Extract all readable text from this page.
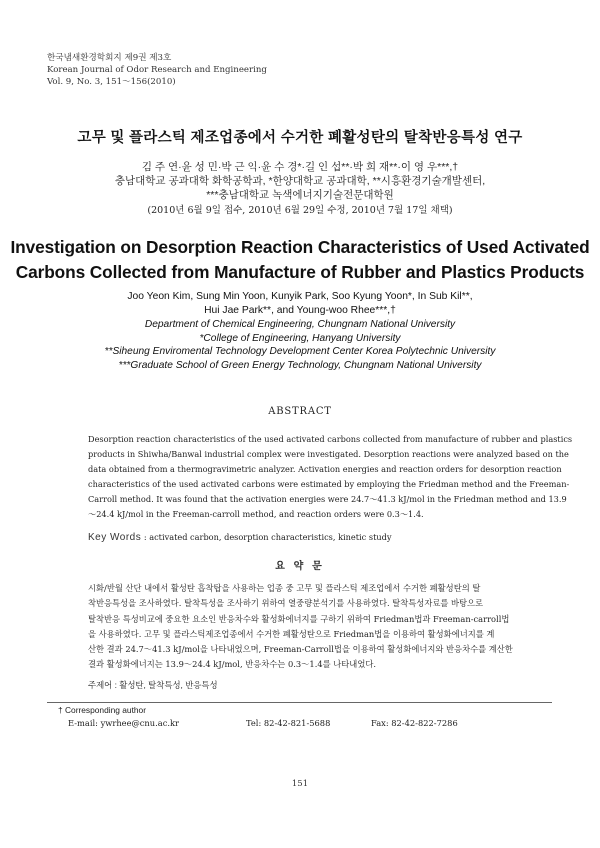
한국냄새환경학회지 제9권 제3호
Korean Journal of Odor Research and Engineering
Vol. 9, No. 3, 151～156(2010)
고무 및 플라스틱 제조업종에서 수거한 폐활성탄의 탈착반응특성 연구
김 주 연·윤 성 민·박 근 익·윤 수 경*·길 인 섭**·박 희 재**·이 영 우***,†
충남대학교 공과대학 화학공학과, *한양대학교 공과대학, **시흥환경기술개발센터,
***충남대학교 녹색에너지기술전문대학원
(2010년 6월 9일 접수, 2010년 6월 29일 수정, 2010년 7월 17일 채택)
Investigation on Desorption Reaction Characteristics of Used Activated
Carbons Collected from Manufacture of Rubber and Plastics Products
Joo Yeon Kim, Sung Min Yoon, Kunyik Park, Soo Kyung Yoon*, In Sub Kil**,
Hui Jae Park**, and Young-woo Rhee***,†
Department of Chemical Engineering, Chungnam National University
*College of Engineering, Hanyang University
**Siheung Enviromental Technology Development Center Korea Polytechnic University
***Graduate School of Green Energy Technology, Chungnam National University
ABSTRACT
Desorption reaction characteristics of the used activated carbons collected from manufacture of rubber and plastics
products in Shiwha/Banwal industrial complex were investigated. Desorption reactions were analyzed based on the
data obtained from a thermogravimetric analyzer. Activation energies and reaction orders for desorption reaction
characteristics of the used activated carbons were estimated by employing the Friedman method and the Freeman-
Carroll method. It was found that the activation energies were 24.7～41.3 kJ/mol in the Friedman method and 13.9
～24.4 kJ/mol in the Freeman-carroll method, and reaction orders were 0.3～1.4.
Key Words : activated carbon, desorption characteristics, kinetic study
요 약 문
시화/반월 산단 내에서 활성탄 흡착탑을 사용하는 업종 중 고무 및 플라스틱 제조업에서 수거한 폐활성탄의 탈
착반응특성을 조사하였다. 탈착특성을 조사하기 위하여 열중량분석기를 사용하였다. 탈착특성자료를 바탕으로
탈착반응 특성비교에 중요한 요소인 반응차수와 활성화에너지를 구하기 위하여 Friedman법과 Freeman-carroll법
을 사용하였다. 고무 및 플라스틱제조업종에서 수거한 폐활성탄으로 Friedman법을 이용하여 활성화에너지를 계
산한 결과 24.7～41.3 kJ/mol을 나타내었으며, Freeman-Carroll법을 이용하여 활성화에너지와 반응차수를 계산한
결과 활성화에너지는 13.9～24.4 kJ/mol, 반응차수는 0.3～1.4를 나타내었다.
주제어 : 활성탄, 탈착특성, 반응특성
† Corresponding author
E-mail: ywrhee@cnu.ac.kr	Tel: 82-42-821-5688	Fax: 82-42-822-7286
151
